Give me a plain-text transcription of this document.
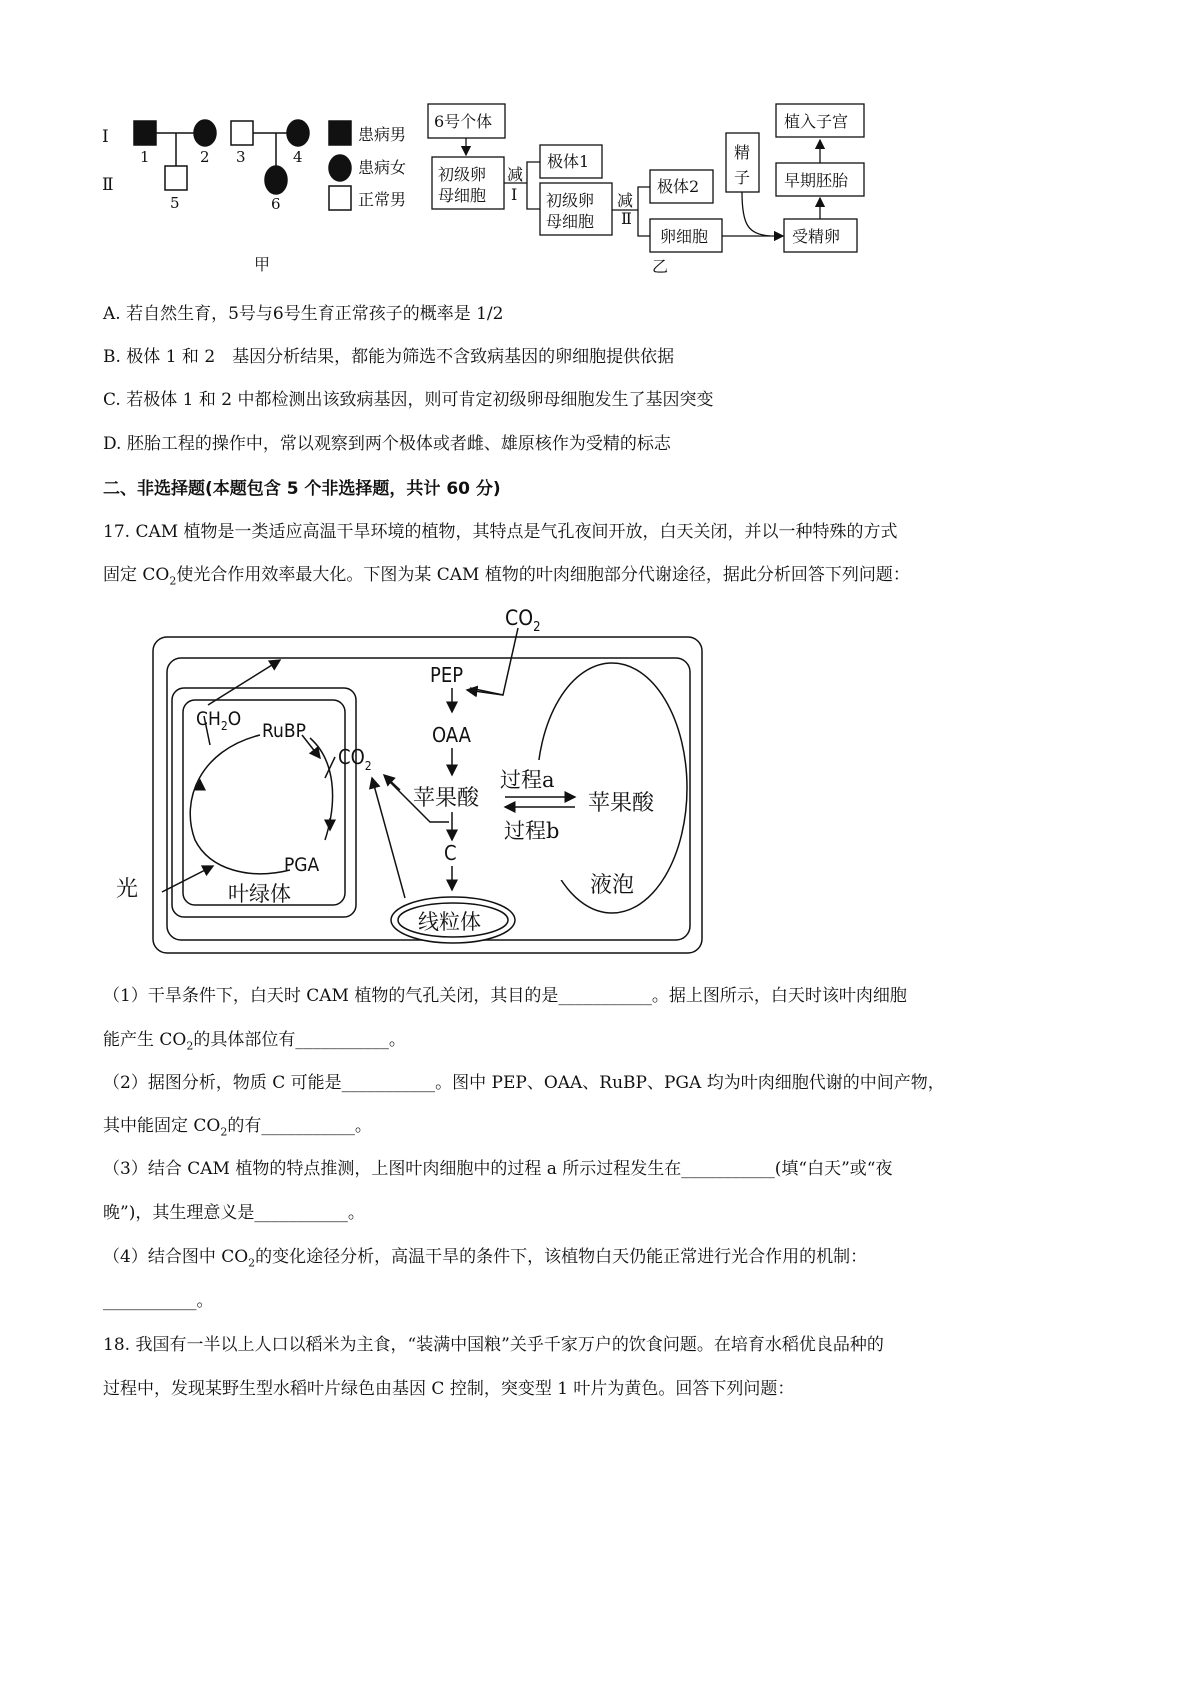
Ⅰ
Ⅱ
1	2 3	4
5	6
患病男
患病女
正常男
甲
6号个体
初级卵
母细胞
减
Ⅰ
极体1
初级卵
母细胞
减
Ⅱ
极体2
卵细胞
精
子
受精卵
早期胚胎
植入子宫
乙
$CO_2$
PEP
OAA
苹果酸
C
过程a
过程b
苹果酸
液泡
线粒体
叶绿体
$CH_2O$
RuBP
$CO_2$
PGA
光
A. 若自然生育，5号与6号生育正常孩子的概率是 1/2
B. 极体 1 和 2　基因分析结果，都能为筛选不含致病基因的卵细胞提供依据
C. 若极体 1 和 2 中都检测出该致病基因，则可肯定初级卵母细胞发生了基因突变
D. 胚胎工程的操作中，常以观察到两个极体或者雌、雄原核作为受精的标志
二、非选择题(本题包含 5 个非选择题，共计 60 分)
17. CAM 植物是一类适应高温干旱环境的植物，其特点是气孔夜间开放，白天关闭，并以一种特殊的方式
固定 $CO_2$使光合作用效率最大化。下图为某 CAM 植物的叶肉细胞部分代谢途径，据此分析回答下列问题：
（1）干旱条件下，白天时 CAM 植物的气孔关闭，其目的是___________。据上图所示，白天时该叶肉细胞
能产生 $CO_2$的具体部位有___________。
（2）据图分析，物质 C 可能是___________。图中 PEP、OAA、RuBP、PGA 均为叶肉细胞代谢的中间产物，
其中能固定 $CO_2$的有___________。
（3）结合 CAM 植物的特点推测，上图叶肉细胞中的过程 a 所示过程发生在___________(填“白天”或“夜
晚”)，其生理意义是___________。
（4）结合图中 $CO_2$的变化途径分析，高温干旱的条件下，该植物白天仍能正常进行光合作用的机制：
___________。
18. 我国有一半以上人口以稻米为主食，“装满中国粮”关乎千家万户的饮食问题。在培育水稻优良品种的
过程中，发现某野生型水稻叶片绿色由基因 C 控制，突变型 1 叶片为黄色。回答下列问题：
